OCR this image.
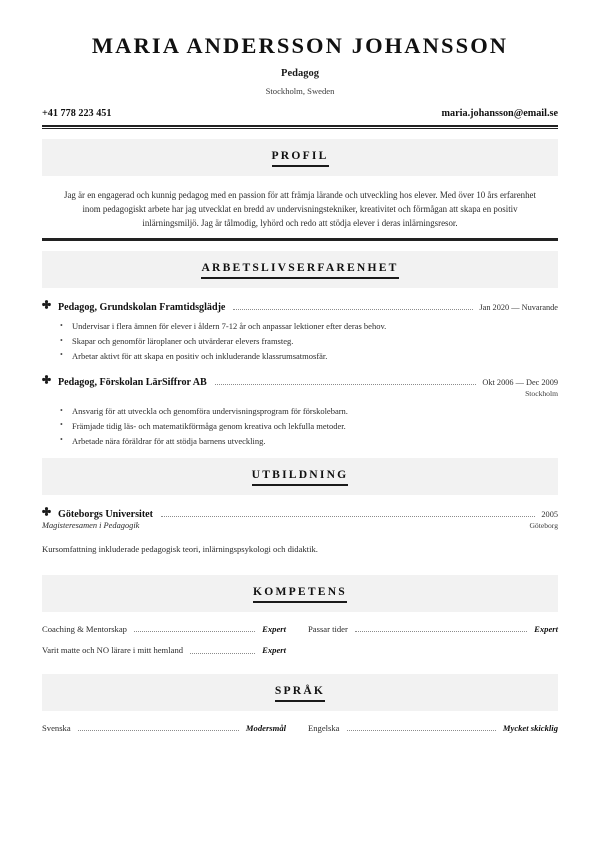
MARIA ANDERSSON JOHANSSON
Pedagog
Stockholm, Sweden
+41 778 223 451	maria.johansson@email.se
PROFIL

Jag är en engagerad och kunnig pedagog med en passion för att främja lärande och utveckling hos elever. Med över 10 års erfarenhet inom pedagogiskt arbete har jag utvecklat en bredd av undervisningstekniker, kreativitet och förmågan att skapa en positiv inlärningsmiljö. Jag är tålmodig, lyhörd och redo att stödja elever i deras inlärningsresor.

ARBETSLIVSERFARENHET
Pedagog, Grundskolan Framtidsglädje	Jan 2020 — Nuvarande
• Undervisar i flera ämnen för elever i åldern 7-12 år och anpassar lektioner efter deras behov.
• Skapar och genomför läroplaner och utvärderar elevers framsteg.
• Arbetar aktivt för att skapa en positiv och inkluderande klassrumsatmosfär.
Pedagog, Förskolan LärSiffror AB	Okt 2006 — Dec 2009
Stockholm
• Ansvarig för att utveckla och genomföra undervisningsprogram för förskolebarn.
• Främjade tidig läs- och matematikförmåga genom kreativa och lekfulla metoder.
• Arbetade nära föräldrar för att stödja barnens utveckling.
UTBILDNING
Göteborgs Universitet	2005
Magisteresamen i Pedagogik	Göteborg
Kursomfattning inkluderade pedagogisk teori, inlärningspsykologi och didaktik.
KOMPETENS
Coaching & Mentorskap	Expert	Passar tider	Expert
Varit matte och NO lärare i mitt hemland	Expert
SPRÅK
Svenska	Modersmål	Engelska	Mycket skicklig
